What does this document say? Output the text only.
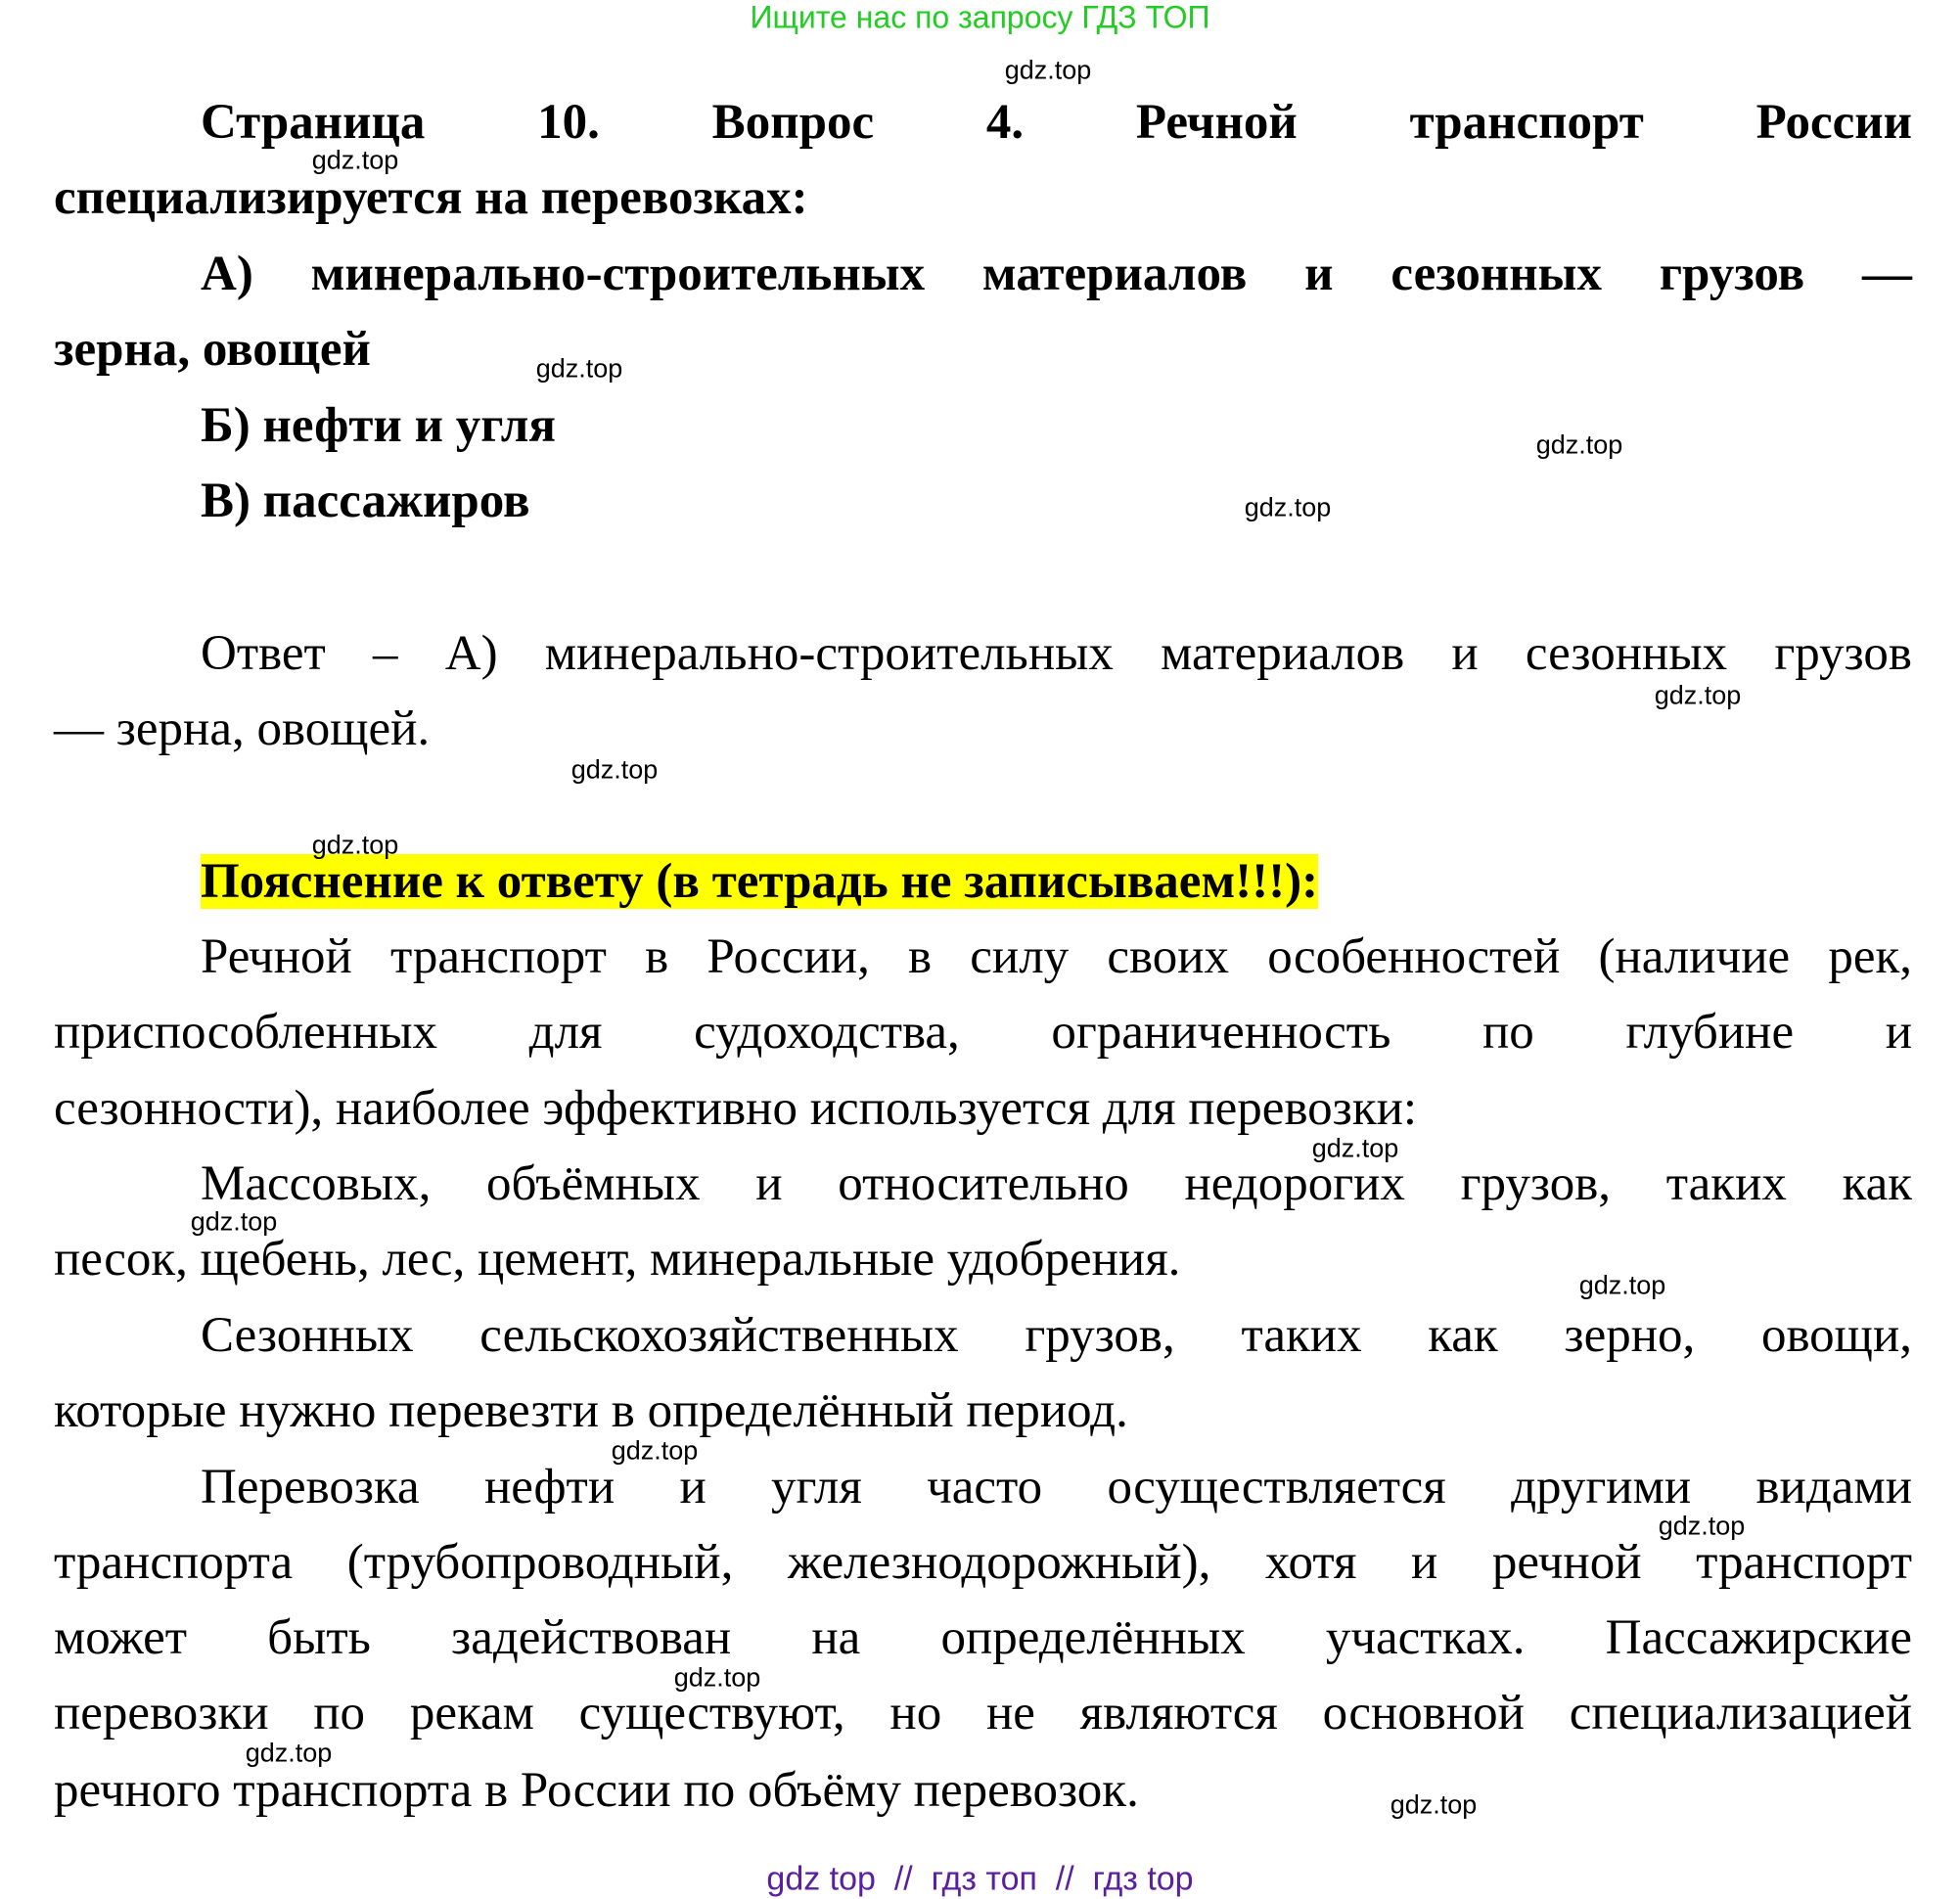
Ищите нас по запросу ГДЗ ТОП
Страница 10. Вопрос 4. Речной транспорт России
специализируется на перевозках:
А) минерально-строительных материалов и сезонных грузов —
зерна, овощей
Б) нефти и угля
В) пассажиров
Ответ – А) минерально-строительных материалов и сезонных грузов
— зерна, овощей.
Пояснение к ответу (в тетрадь не записываем!!!):
Речной транспорт в России, в силу своих особенностей (наличие рек,
приспособленных для судоходства, ограниченность по глубине и
сезонности), наиболее эффективно используется для перевозки:
Массовых, объёмных и относительно недорогих грузов, таких как
песок, щебень, лес, цемент, минеральные удобрения.
Сезонных сельскохозяйственных грузов, таких как зерно, овощи,
которые нужно перевезти в определённый период.
Перевозка нефти и угля часто осуществляется другими видами
транспорта (трубопроводный, железнодорожный), хотя и речной транспорт
может быть задействован на определённых участках. Пассажирские
перевозки по рекам существуют, но не являются основной специализацией
речного транспорта в России по объёму перевозок.
gdz.top
gdz.top
gdz.top
gdz.top
gdz.top
gdz.top
gdz.top
gdz.top
gdz.top
gdz.top
gdz.top
gdz.top
gdz.top
gdz.top
gdz.top
gdz.top
gdz top  //  гдз топ  //  гдз top
